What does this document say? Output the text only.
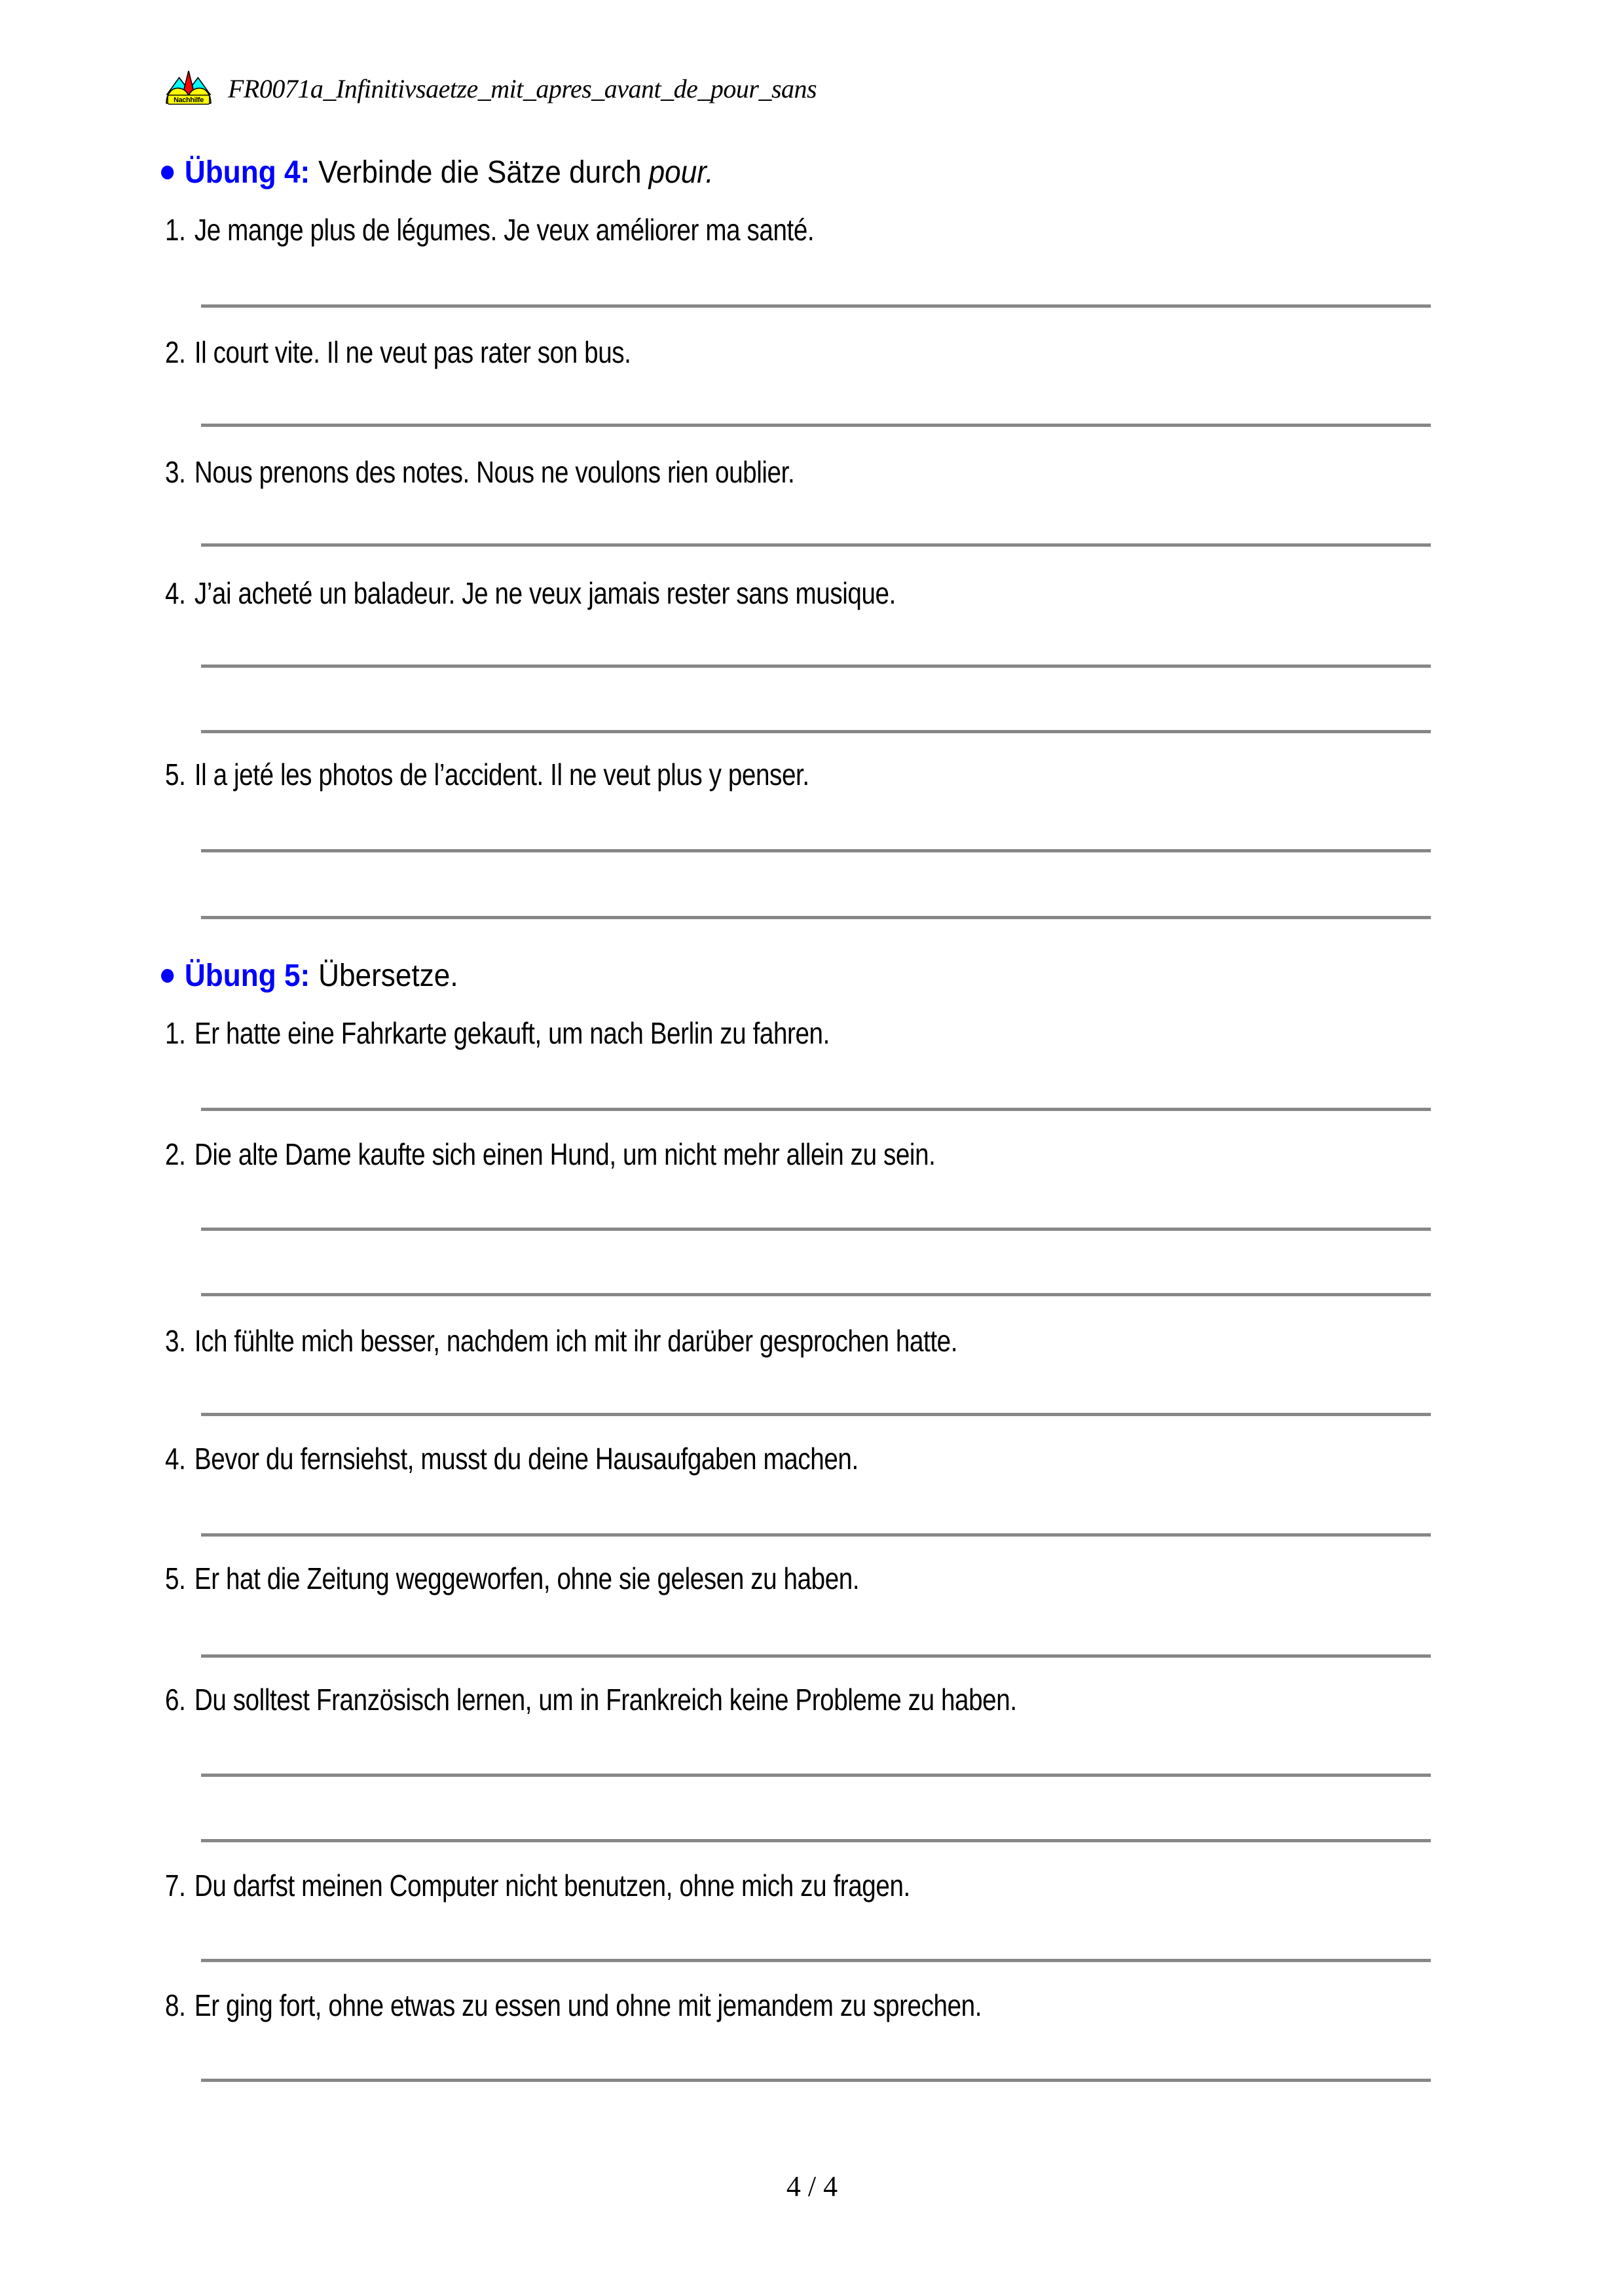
Nachhilfe FR0071a_Infinitivsaetze_mit_apres_avant_de_pour_sans
Übung 4: Verbinde die Sätze durch pour.
1. Je mange plus de légumes. Je veux améliorer ma santé.
2. Il court vite. Il ne veut pas rater son bus.
3. Nous prenons des notes. Nous ne voulons rien oublier.
4. J’ai acheté un baladeur. Je ne veux jamais rester sans musique.
5. Il a jeté les photos de l’accident. Il ne veut plus y penser.
Übung 5: Übersetze.
1. Er hatte eine Fahrkarte gekauft, um nach Berlin zu fahren.
2. Die alte Dame kaufte sich einen Hund, um nicht mehr allein zu sein.
3. Ich fühlte mich besser, nachdem ich mit ihr darüber gesprochen hatte.
4. Bevor du fernsiehst, musst du deine Hausaufgaben machen.
5. Er hat die Zeitung weggeworfen, ohne sie gelesen zu haben.
6. Du solltest Französisch lernen, um in Frankreich keine Probleme zu haben.
7. Du darfst meinen Computer nicht benutzen, ohne mich zu fragen.
8. Er ging fort, ohne etwas zu essen und ohne mit jemandem zu sprechen.
4 / 4
